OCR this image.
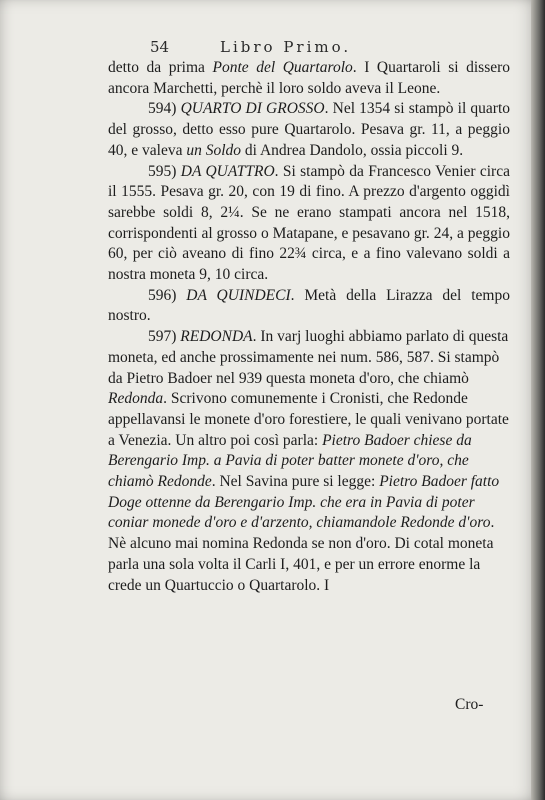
54	Libro Primo.

detto da prima Ponte del Quartarolo. I Quartaroli si dissero ancora Marchetti, perchè il loro soldo aveva il Leone.

594) QUARTO DI GROSSO. Nel 1354 si stampò il quarto del grosso, detto esso pure Quartarolo. Pesava gr. 11, a peggio 40, e valeva un Soldo di Andrea Dandolo, ossia piccoli 9.

595) DA QUATTRO. Si stampò da Francesco Venier circa il 1555. Pesava gr. 20, con 19 di fino. A prezzo d'argento oggidì sarebbe soldi 8, 2¼. Se ne erano stampati ancora nel 1518, corrispondenti al grosso o Matapane, e pesavano gr. 24, a peggio 60, per ciò aveano di fino 22¾ circa, e a fino valevano soldi a nostra moneta 9, 10 circa.

596) DA QUINDECI. Metà della Lirazza del tempo nostro.

597) REDONDA. In varj luoghi abbiamo parlato di questa moneta, ed anche prossimamente nei num. 586, 587. Si stampò da Pietro Badoer nel 939 questa moneta d'oro, che chiamò Redonda. Scrivono comunemente i Cronisti, che Redonde appellavansi le monete d'oro forestiere, le quali venivano portate a Venezia. Un altro poi così parla: Pietro Badoer chiese da Berengario Imp. a Pavia di poter batter monete d'oro, che chiamò Redonde. Nel Savina pure si legge: Pietro Badoer fatto Doge ottenne da Berengario Imp. che era in Pavia di poter coniar monede d'oro e d'arzento, chiamandole Redonde d'oro. Nè alcuno mai nomina Redonda se non d'oro. Di cotal moneta parla una sola volta il Carli I, 401, e per un errore enorme la crede un Quartuccio o Quartarolo. I

Cro-
